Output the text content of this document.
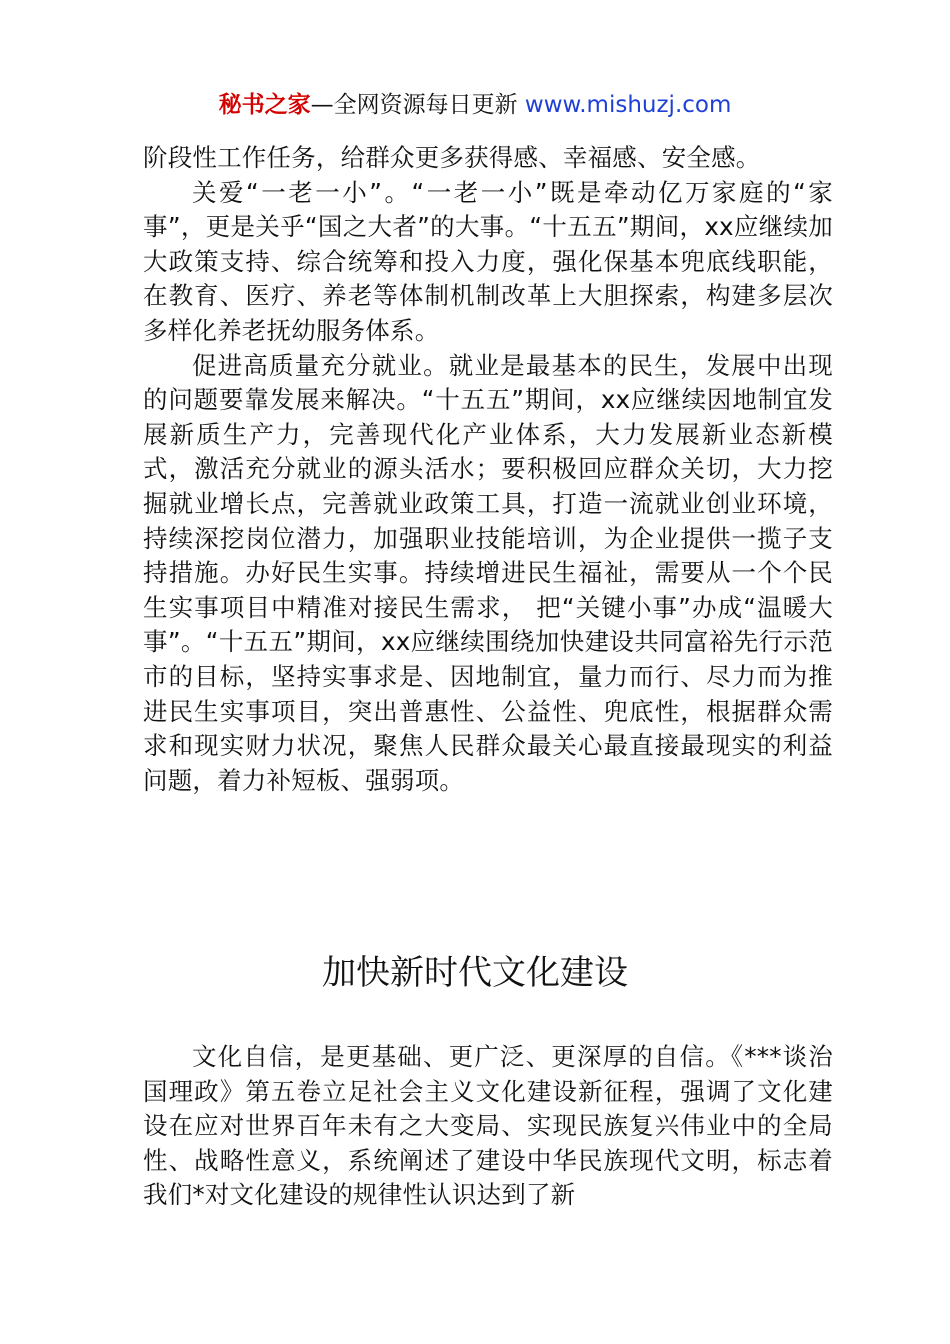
秘书之家—全网资源每日更新 www.mishuzj.com

阶段性工作任务，给群众更多获得感、幸福感、安全感。

关爱“一老一小”。“一老一小”既是牵动亿万家庭的“家事”，更是关乎“国之大者”的大事。“十五五”期间，xx应继续加大政策支持、综合统筹和投入力度，强化保基本兜底线职能，在教育、医疗、养老等体制机制改革上大胆探索，构建多层次多样化养老抚幼服务体系。

促进高质量充分就业。就业是最基本的民生，发展中出现的问题要靠发展来解决。“十五五”期间，xx应继续因地制宜发展新质生产力，完善现代化产业体系，大力发展新业态新模式，激活充分就业的源头活水；要积极回应群众关切，大力挖掘就业增长点，完善就业政策工具，打造一流就业创业环境， 持续深挖岗位潜力，加强职业技能培训，为企业提供一揽子支持措施。办好民生实事。持续增进民生福祉，需要从一个个民生实事项目中精准对接民生需求， 把“关键小事”办成“温暖大事”。“十五五”期间，xx应继续围绕加快建设共同富裕先行示范市的目标，坚持实事求是、因地制宜，量力而行、尽力而为推进民生实事项目，突出普惠性、公益性、兜底性，根据群众需求和现实财力状况，聚焦人民群众最关心最直接最现实的利益问题，着力补短板、强弱项。

加快新时代文化建设

文化自信，是更基础、更广泛、更深厚的自信。《***谈治国理政》第五卷立足社会主义文化建设新征程，强调了文化建设在应对世界百年未有之大变局、实现民族复兴伟业中的全局性、战略性意义，系统阐述了建设中华民族现代文明，标志着我们*对文化建设的规律性认识达到了新
